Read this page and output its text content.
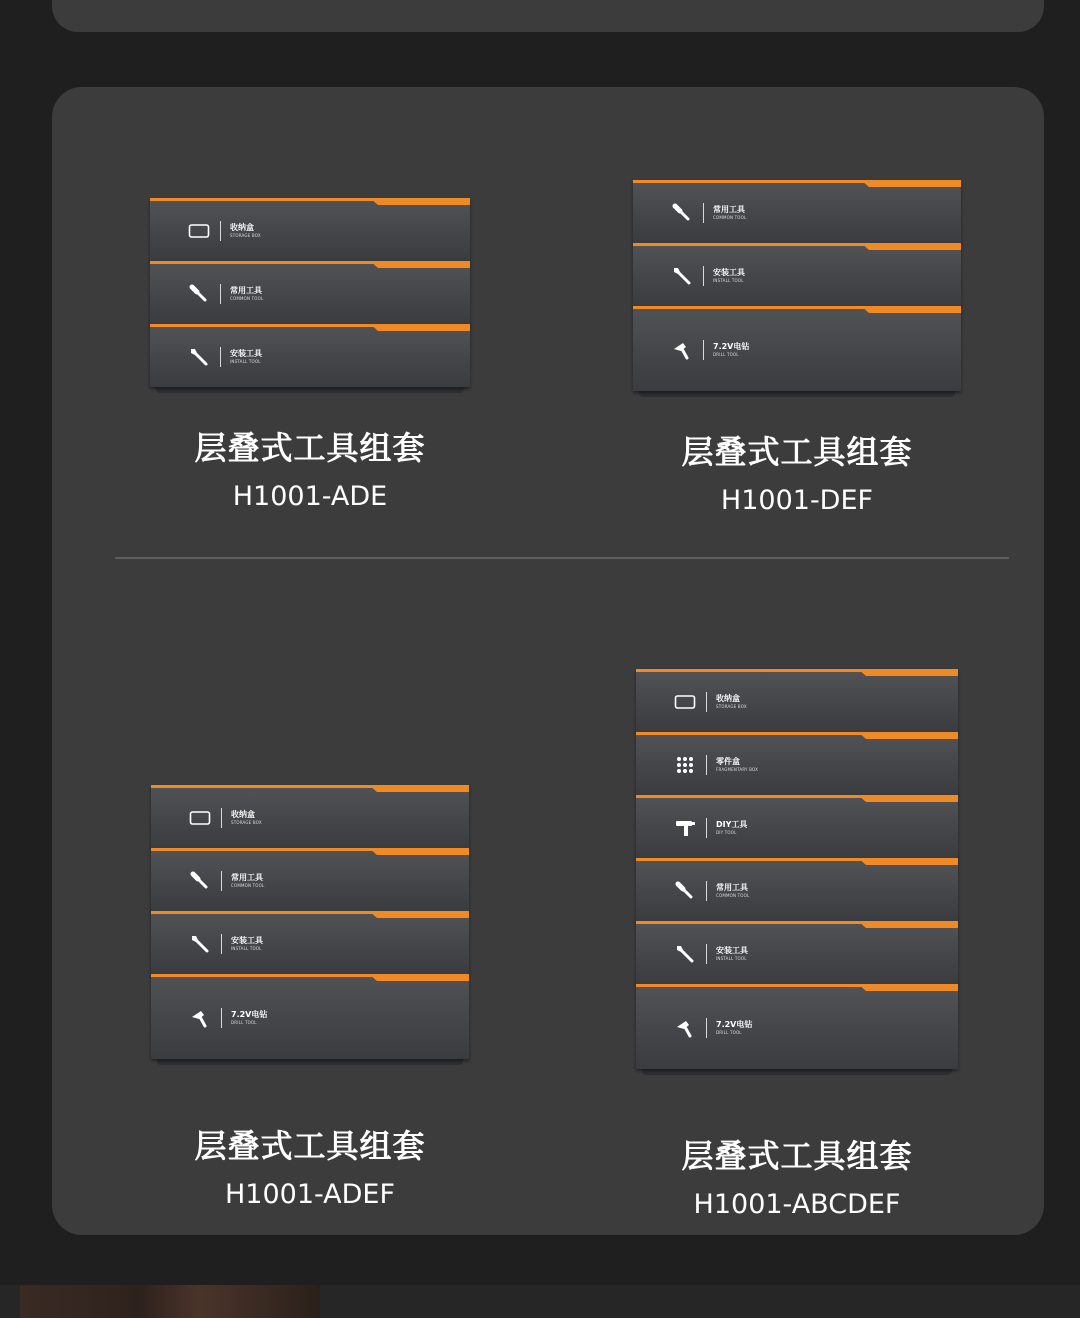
收纳盒
STORAGE BOX
常用工具
COMMON TOOL
安装工具
INSTALL TOOL
层叠式工具组套
H1001-ADE
常用工具
COMMON TOOL
安装工具
INSTALL TOOL
7.2V电钻
DRILL TOOL
层叠式工具组套
H1001-DEF
收纳盒
STORAGE BOX
常用工具
COMMON TOOL
安装工具
INSTALL TOOL
7.2V电钻
DRILL TOOL
层叠式工具组套
H1001-ADEF
收纳盒
STORAGE BOX
零件盒
FRAGMENTARY BOX
DIY工具
DIY TOOL
常用工具
COMMON TOOL
安装工具
INSTALL TOOL
7.2V电钻
DRILL TOOL
层叠式工具组套
H1001-ABCDEF
